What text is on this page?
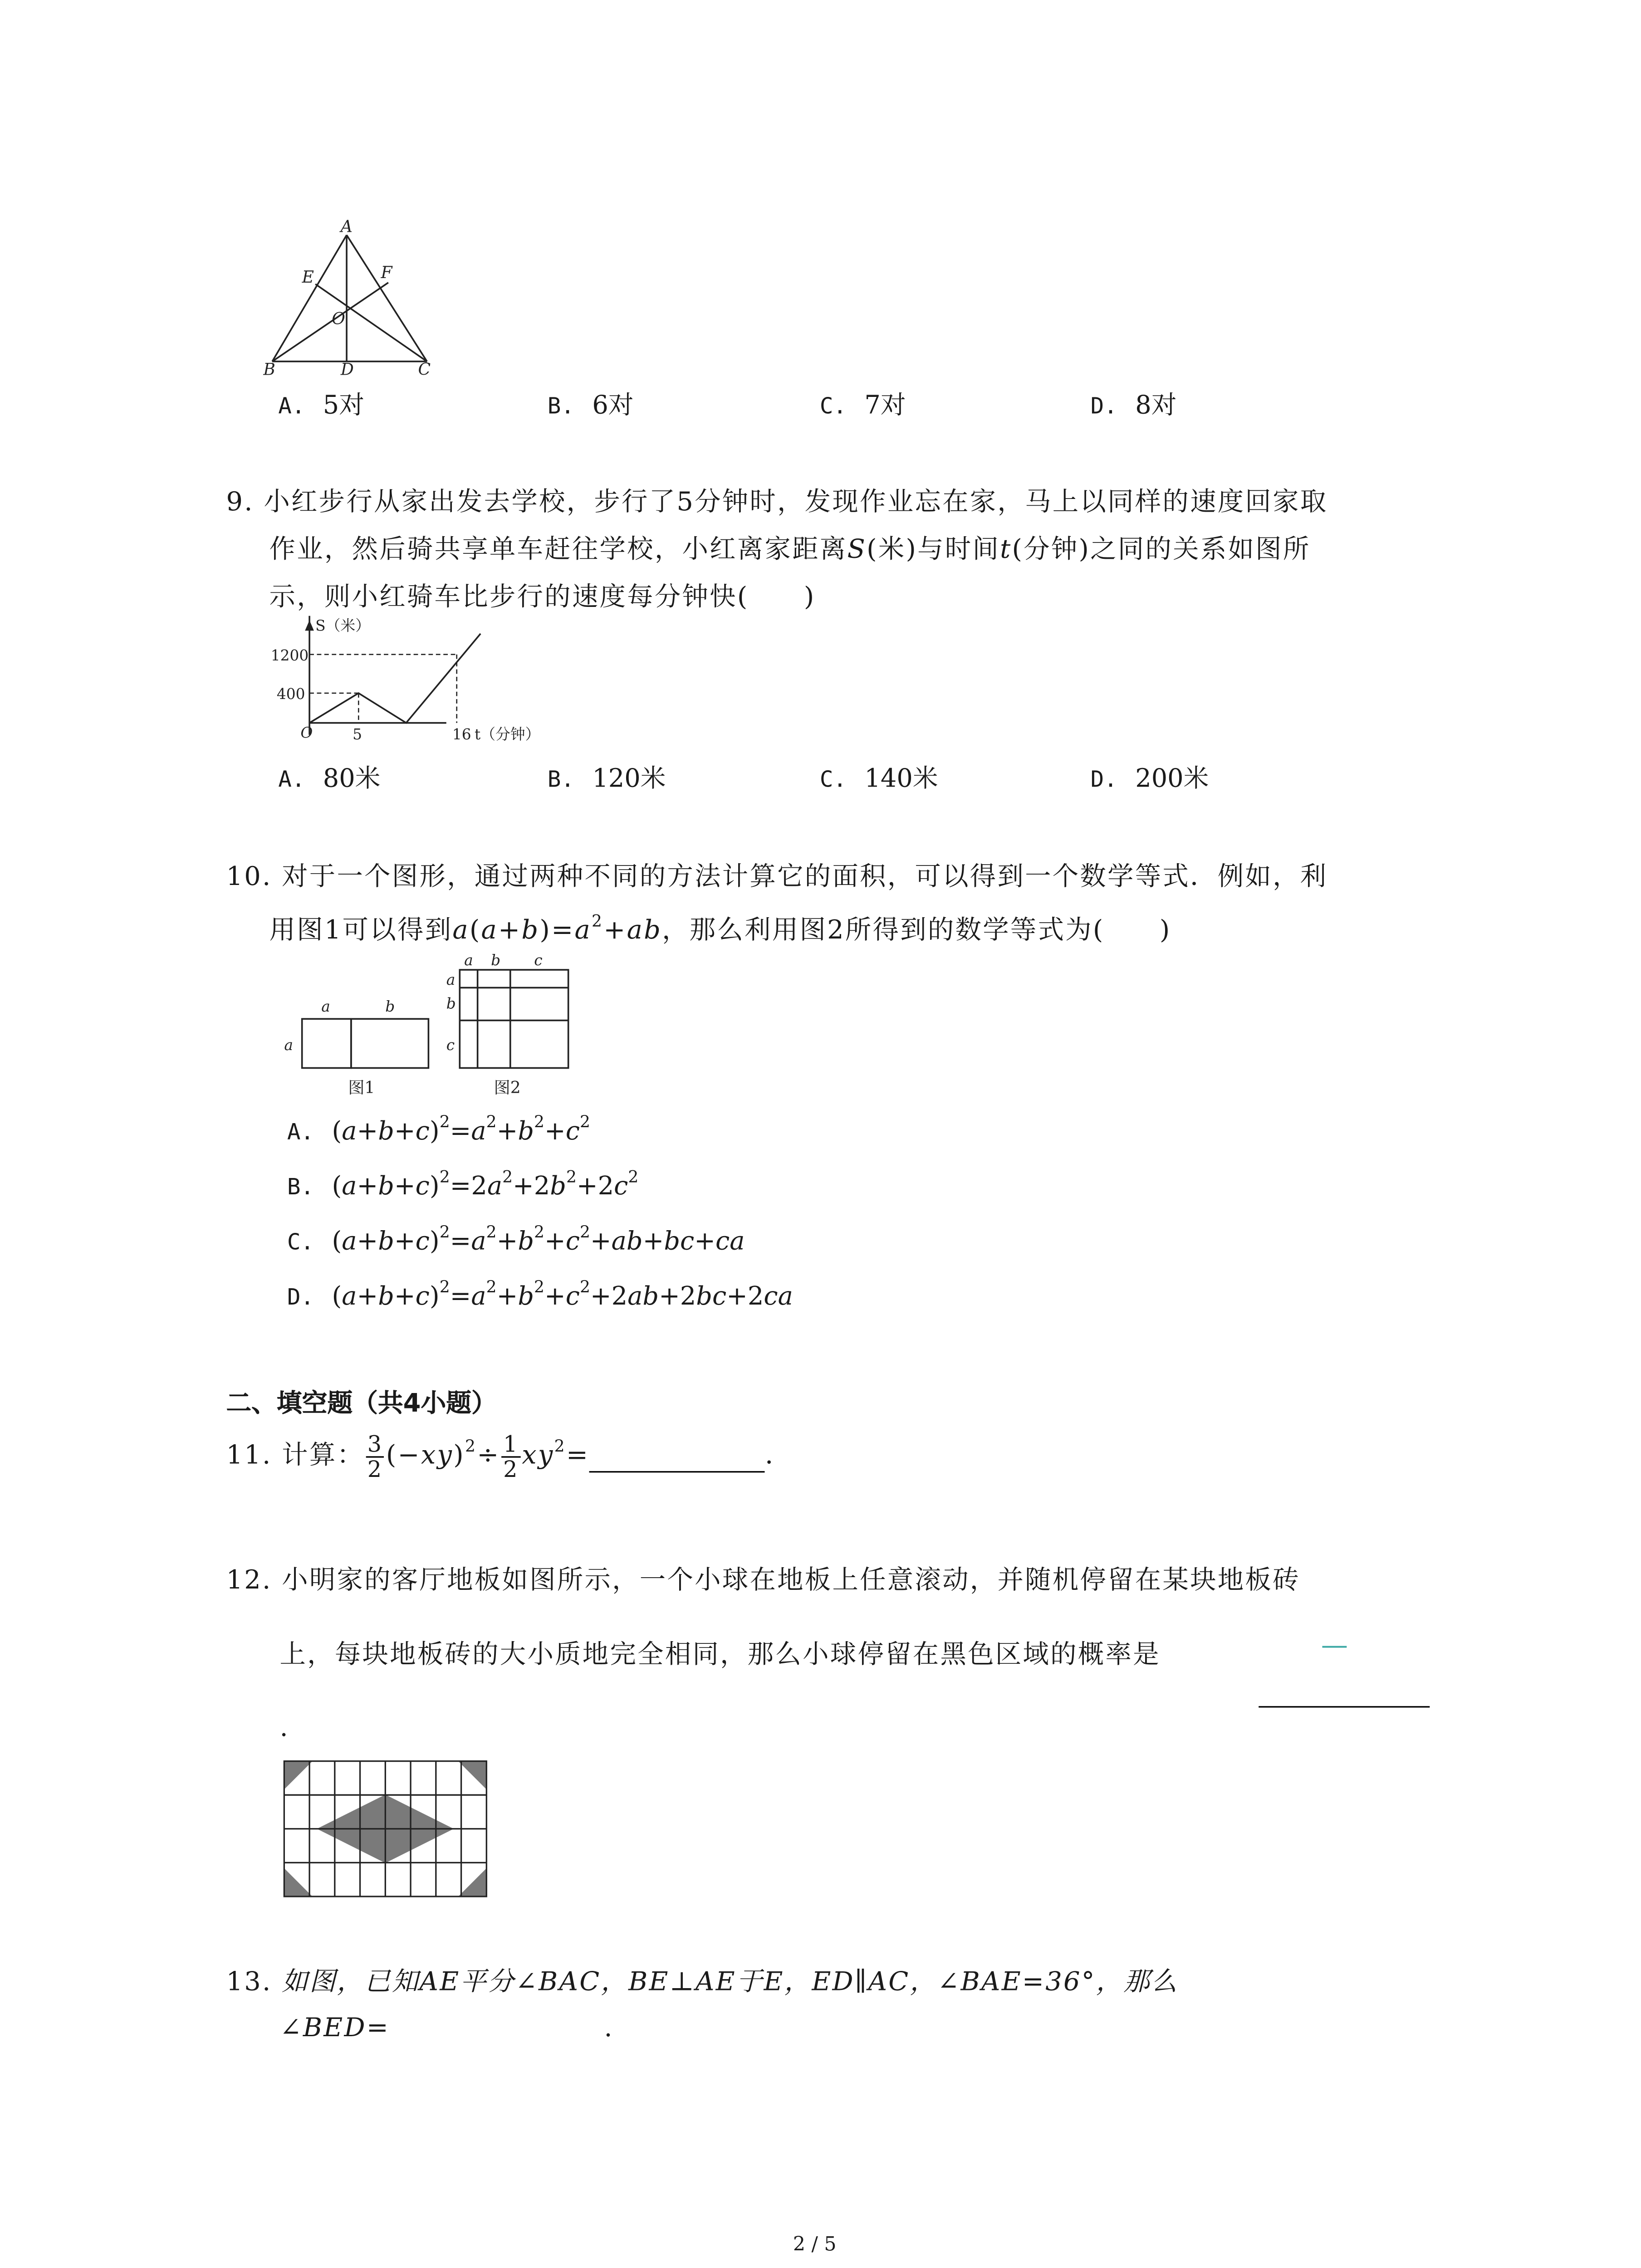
A
E	F
O
B	D	C
A. 5对	B. 6对	C. 7对	D. 8对
9. 小红步行从家出发去学校，步行了5分钟时，发现作业忘在家，马上以同样的速度回家取
作业，然后骑共享单车赶往学校，小红离家距离S(米)与时间t(分钟)之同的关系如图所
示，则小红骑车比步行的速度每分钟快(　　)
S（米）
1200
400
O	5	16 t（分钟）
A. 80米	B. 120米	C. 140米	D. 200米
10. 对于一个图形，通过两种不同的方法计算它的面积，可以得到一个数学等式．例如，利
用图1可以得到$a(a+b)=a^2+ab$，那么利用图2所得到的数学等式为(　　)
a	b
a
a	b	c
a
b
c
图1	图2
A. $(a+b+c)^2=a^2+b^2+c^2$
B. $(a+b+c)^2=2a^2+2b^2+2c^2$
C. $(a+b+c)^2=a^2+b^2+c^2+ab+bc+ca$
D. $(a+b+c)^2=a^2+b^2+c^2+2ab+2bc+2ca$
二、填空题（共4小题）
11. 计算： $\frac{3}{2} (-xy)^2\div \frac{1}{2} xy^2=$	．
12. 小明家的客厅地板如图所示，一个小球在地板上任意滚动，并随机停留在某块地板砖
上，每块地板砖的大小质地完全相同，那么小球停留在黑色区域的概率是	—
.
13. 如图，已知AE平分∠BAC，BE⊥AE于E，ED∥AC，∠BAE=36°，那么
∠BED=	.
2 / 5
